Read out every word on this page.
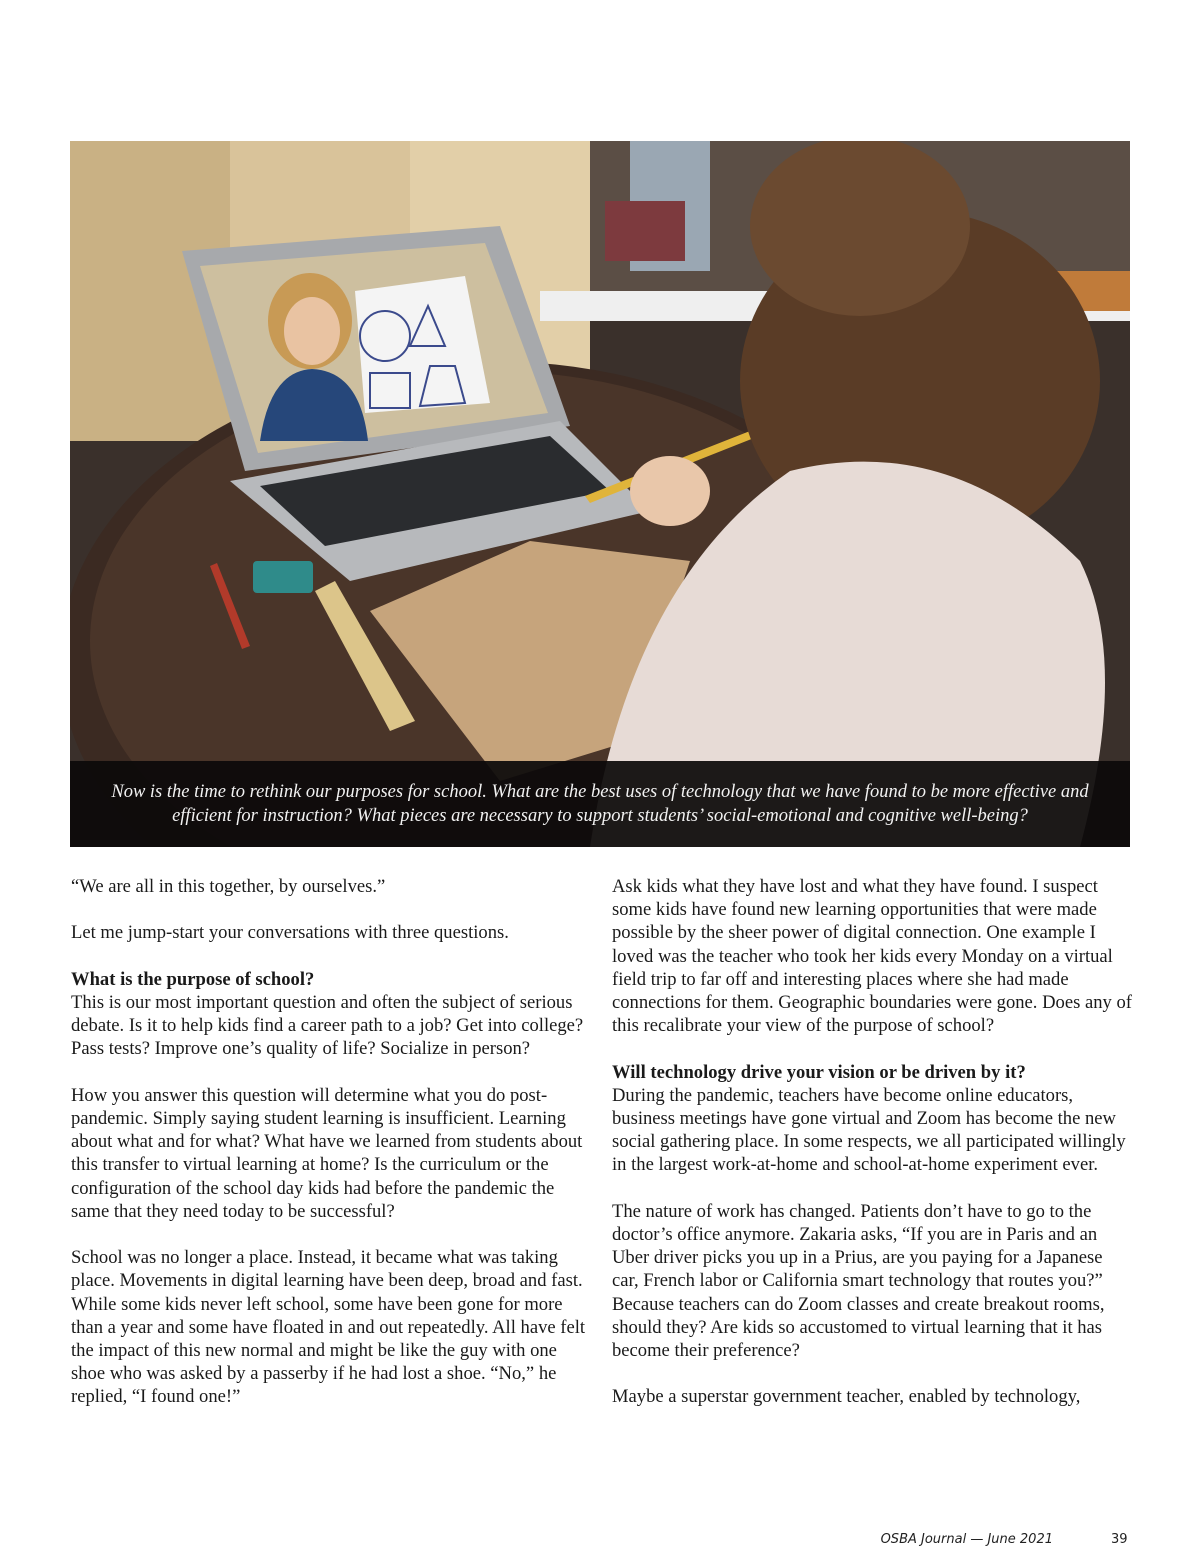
Now is the time to rethink our purposes for school. What are the best uses of technology that we have found to be more effective and
efficient for instruction? What pieces are necessary to support students’ social-emotional and cognitive well-being?

“We are all in this together, by ourselves.”

Let me jump-start your conversations with three questions.

What is the purpose of school?

This is our most important question and often the subject of serious debate. Is it to help kids find a career path to a job? Get into college? Pass tests? Improve one’s quality of life? Socialize in person?

How you answer this question will determine what you do post-pandemic. Simply saying student learning is insufficient. Learning about what and for what? What have we learned from students about this transfer to virtual learning at home? Is the curriculum or the configuration of the school day kids had before the pandemic the same that they need today to be successful?

School was no longer a place. Instead, it became what was taking place. Movements in digital learning have been deep, broad and fast. While some kids never left school, some have been gone for more than a year and some have floated in and out repeatedly. All have felt the impact of this new normal and might be like the guy with one shoe who was asked by a passerby if he had lost a shoe. “No,” he replied, “I found one!”

Ask kids what they have lost and what they have found. I suspect some kids have found new learning opportunities that were made possible by the sheer power of digital connection. One example I loved was the teacher who took her kids every Monday on a virtual field trip to far off and interesting places where she had made connections for them. Geographic boundaries were gone. Does any of this recalibrate your view of the purpose of school?

Will technology drive your vision or be driven by it?

During the pandemic, teachers have become online educators, business meetings have gone virtual and Zoom has become the new social gathering place. In some respects, we all participated willingly in the largest work-at-home and school-at-home experiment ever.

The nature of work has changed. Patients don’t have to go to the doctor’s office anymore. Zakaria asks, “If you are in Paris and an Uber driver picks you up in a Prius, are you paying for a Japanese car, French labor or California smart technology that routes you?” Because teachers can do Zoom classes and create breakout rooms, should they? Are kids so accustomed to virtual learning that it has become their preference?

Maybe a superstar government teacher, enabled by technology,

OSBA Journal — June 2021	39
